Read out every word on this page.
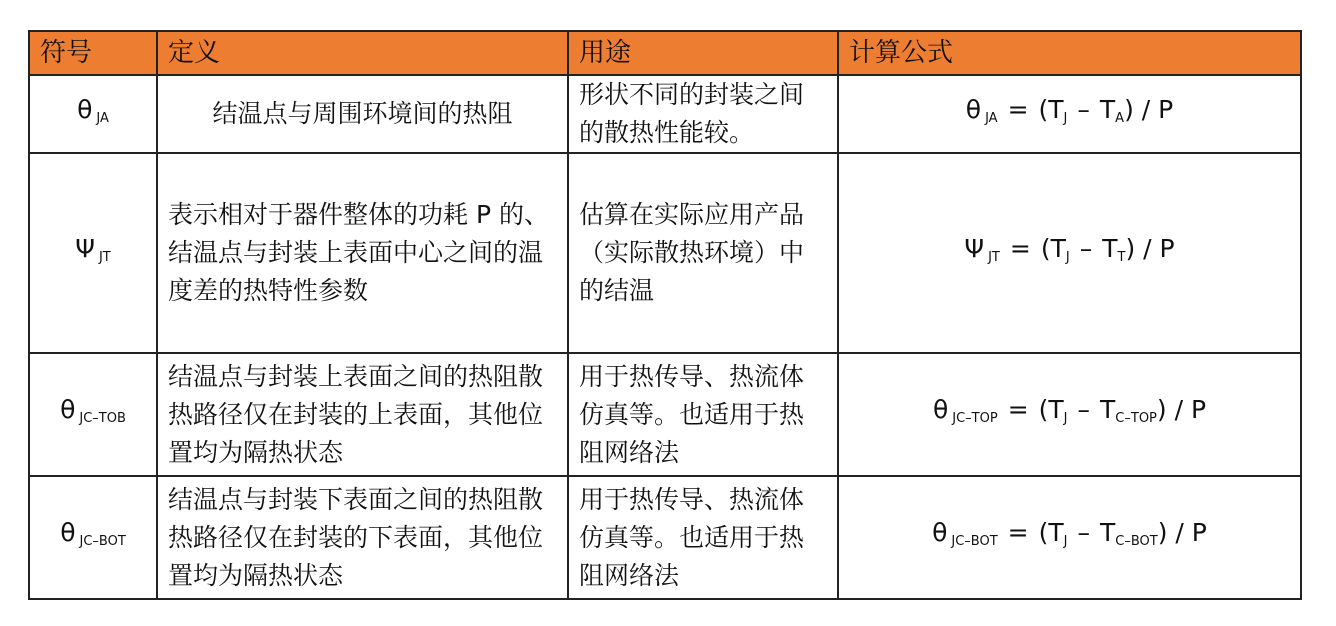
符号	定义	用途	计算公式
θ $_{JA}$	结温点与周围环境间的热阻	形状不同的封装之间的散热性能较。	θ $_{JA}$ = (TJ – TA) / P
Ψ $_{JT}$	表示相对于器件整体的功耗 P 的、结温点与封装上表面中心之间的温度差的热特性参数	估算在实际应用产品（实际散热环境）中的结温	Ψ $_{JT}$ = (TJ – TT) / P
θ $_{JC-TOB}$	结温点与封装上表面之间的热阻散热路径仅在封装的上表面，其他位置均为隔热状态	用于热传导、热流体仿真等。也适用于热阻网络法	θ $_{JC-TOP}$ = (TJ – TC–TOP) / P
θ $_{JC-BOT}$	结温点与封装下表面之间的热阻散热路径仅在封装的下表面，其他位置均为隔热状态	用于热传导、热流体仿真等。也适用于热阻网络法	θ $_{JC-BOT}$ = (TJ – TC–BOT) / P
